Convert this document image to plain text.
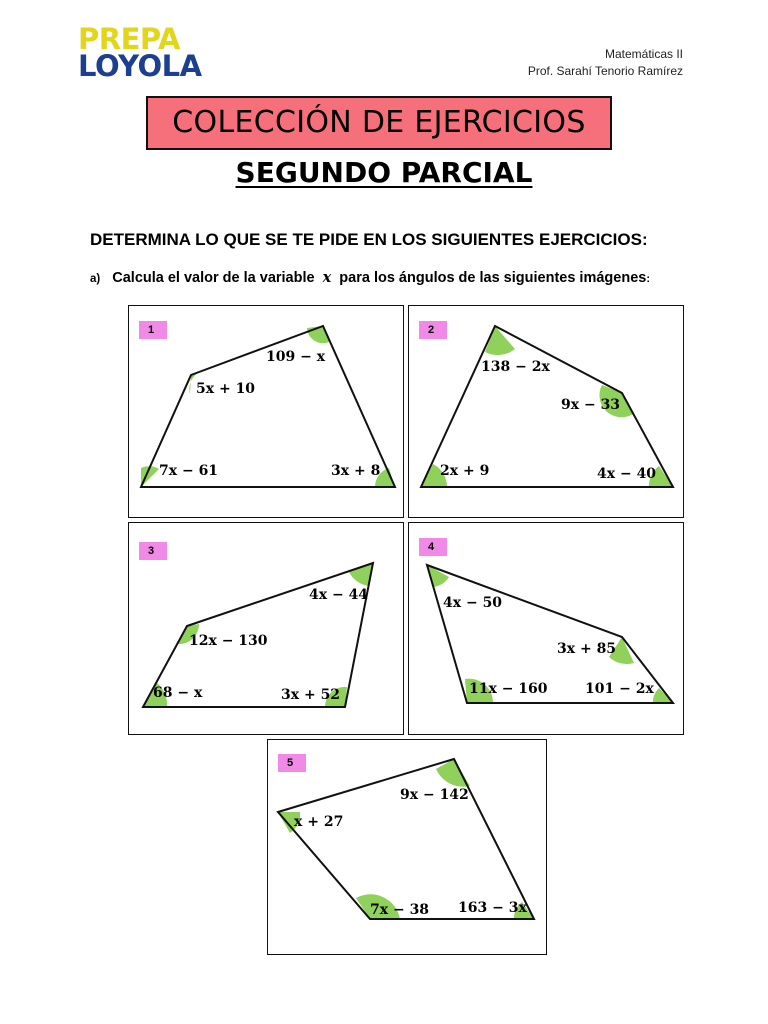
PREPA
LOYOLA	Matemáticas II
Prof. Sarahí Tenorio Ramírez
COLECCIÓN DE EJERCICIOS
SEGUNDO PARCIAL
DETERMINA LO QUE SE TE PIDE EN LOS SIGUIENTES EJERCICIOS:
a) Calcula el valor de la variable x para los ángulos de las siguientes imágenes:
1
109 − x
5x + 10
7x − 61	3x + 8
2
138 − 2x
9x − 33
2x + 9	4x − 40
3
4x − 44
12x − 130
68 − x	3x + 52
4
4x − 50
3x + 85
11x − 160	101 − 2x
5
9x − 142
x + 27
7x − 38 163 − 3x
